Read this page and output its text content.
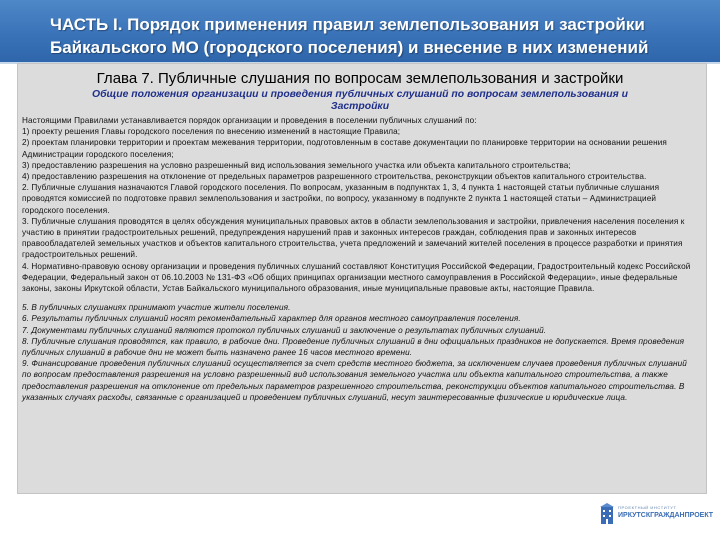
ЧАСТЬ I. Порядок применения правил землепользования и застройки
Байкальского МО (городского поселения) и внесение в них изменений
Глава 7. Публичные слушания по вопросам землепользования и застройки
Общие положения организации и проведения публичных слушаний по вопросам землепользования и
Застройки

Настоящими Правилами устанавливается порядок организации и проведения в поселении публичных слушаний по:

1) проекту решения Главы городского поселения по внесению изменений в настоящие Правила;

2) проектам планировки территории и проектам межевания территории, подготовленным в составе документации по планировке территории на основании решения Администрации городского поселения;

3) предоставлению разрешения на условно разрешенный вид использования земельного участка или объекта капитального строительства;

4) предоставлению разрешения на отклонение от предельных параметров разрешенного строительства, реконструкции объектов капитального строительства.

2. Публичные слушания назначаются Главой городского поселения. По вопросам, указанным в подпунктах 1, 3, 4 пункта 1 настоящей статьи публичные слушания проводятся комиссией по подготовке правил землепользования и застройки, по вопросу, указанному в подпункте 2 пункта 1 настоящей статьи – Администрацией городского поселения.

3. Публичные слушания проводятся в целях обсуждения муниципальных правовых актов в области землепользования и застройки, привлечения населения поселения к участию в принятии градостроительных решений, предупреждения нарушений прав и законных интересов граждан, соблюдения прав и законных интересов правообладателей земельных участков и объектов капитального строительства, учета предложений и замечаний жителей поселения в процессе разработки и принятия градостроительных решений.

4. Нормативно-правовую основу организации и проведения публичных слушаний составляют Конституция Российской Федерации, Градостроительный кодекс Российской Федерации, Федеральный закон от 06.10.2003 № 131-ФЗ «Об общих принципах организации местного самоуправления в Российской Федерации», иные федеральные законы, законы Иркутской области, Устав Байкальского муниципального образования, иные муниципальные правовые акты, настоящие Правила.

5. В публичных слушаниях принимают участие жители поселения.

6. Результаты публичных слушаний носят рекомендательный характер для органов местного самоуправления поселения.

7. Документами публичных слушаний являются протокол публичных слушаний и заключение о результатах публичных слушаний.

8. Публичные слушания проводятся, как правило, в рабочие дни. Проведение публичных слушаний в дни официальных праздников не допускается. Время проведения публичных слушаний в рабочие дни не может быть назначено ранее 16 часов местного времени.

9. Финансирование проведения публичных слушаний осуществляется за счет средств местного бюджета, за исключением случаев проведения публичных слушаний по вопросам предоставления разрешения на условно разрешенный вид использования земельного участка или объекта капитального строительства, а также предоставления разрешения на отклонение от предельных параметров разрешенного строительства, реконструкции объектов капитального строительства. В указанных случаях расходы, связанные с организацией и проведением публичных слушаний, несут заинтересованные физические и юридические лица.

ПРОЕКТНЫЙ ИНСТИТУТ
ИРКУТСКГРАЖДАНПРОЕКТ
